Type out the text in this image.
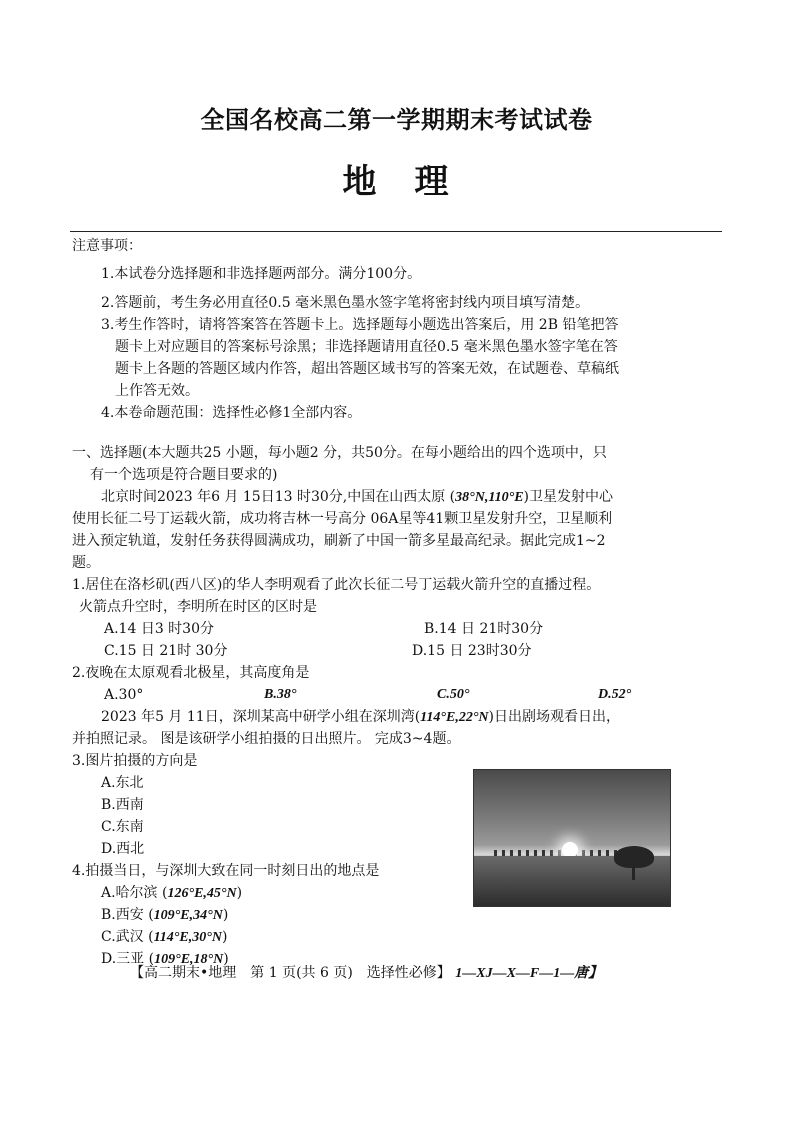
全国名校高二第一学期期末考试试卷
地　理
注意事项：
1.本试卷分选择题和非选择题两部分。满分100分。
2.答题前，考生务必用直径0.5 毫米黑色墨水签字笔将密封线内项目填写清楚。
3.考生作答时，请将答案答在答题卡上。选择题每小题选出答案后，用 2B 铅笔把答
题卡上对应题目的答案标号涂黑；非选择题请用直径0.5 毫米黑色墨水签字笔在答
题卡上各题的答题区域内作答，超出答题区域书写的答案无效，在试题卷、草稿纸
上作答无效。
4.本卷命题范围：选择性必修1全部内容。
一、选择题(本大题共25 小题，每小题2 分，共50分。在每小题给出的四个选项中，只
有一个选项是符合题目要求的)
北京时间2023 年6 月 15日13 时30分,中国在山西太原 (38°N,110°E)卫星发射中心
使用长征二号丁运载火箭，成功将吉林一号高分 06A星等41颗卫星发射升空，卫星顺利
进入预定轨道，发射任务获得圆满成功，刷新了中国一箭多星最高纪录。据此完成1~2
题。
1.居住在洛杉矶(西八区)的华人李明观看了此次长征二号丁运载火箭升空的直播过程。
火箭点升空时，李明所在时区的区时是
A.14 日3 时30分	B.14 日 21时30分
C.15 日 21时 30分	D.15 日 23时30分
2.夜晚在太原观看北极星，其高度角是
A.30°	B.38°	C.50°	D.52°
2023 年5 月 11日，深圳某高中研学小组在深圳湾(114°E,22°N)日出剧场观看日出，
并拍照记录。 图是该研学小组拍摄的日出照片。 完成3~4题。
3.图片拍摄的方向是
A.东北
B.西南
C.东南
D.西北
4.拍摄当日，与深圳大致在同一时刻日出的地点是
A.哈尔滨 (126°E,45°N)
B.西安 (109°E,34°N)
C.武汉 (114°E,30°N)
D.三亚 (109°E,18°N)
【高二期末•地理　第 1 页(共 6 页)　选择性必修】 1—XJ—X—F—1—唐】
